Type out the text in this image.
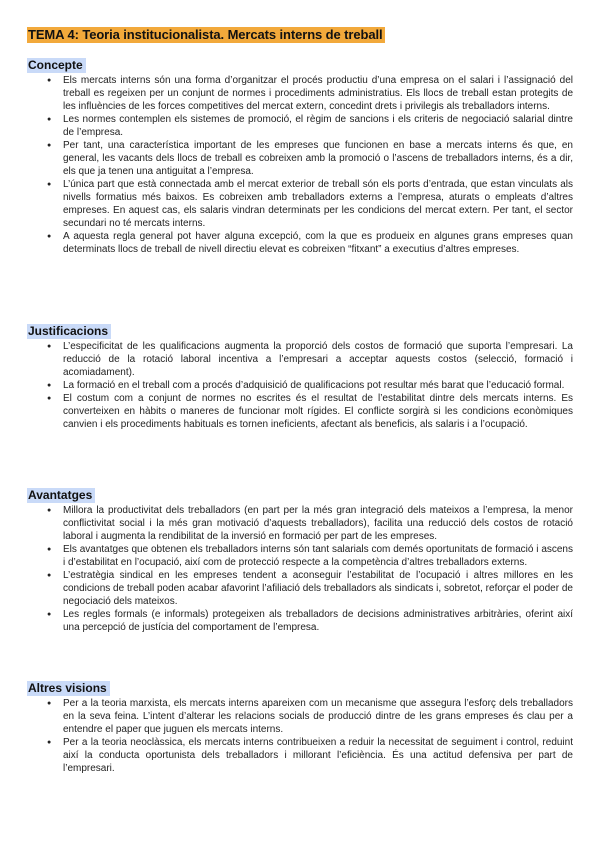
TEMA 4: Teoria institucionalista. Mercats interns de treball
Concepte
● Els mercats interns són una forma d’organitzar el procés productiu d’una empresa on el salari i l’assignació del treball es regeixen per un conjunt de normes i procediments administratius. Els llocs de treball estan protegits de les influències de les forces competitives del mercat extern, concedint drets i privilegis als treballadors interns.
● Les normes contemplen els sistemes de promoció, el règim de sancions i els criteris de negociació salarial dintre de l’empresa.
● Per tant, una característica important de les empreses que funcionen en base a mercats interns és que, en general, les vacants dels llocs de treball es cobreixen amb la promoció o l’ascens de treballadors interns, és a dir, els que ja tenen una antiguitat a l’empresa.
● L’única part que està connectada amb el mercat exterior de treball són els ports d’entrada, que estan vinculats als nivells formatius més baixos. Es cobreixen amb treballadors externs a l’empresa, aturats o empleats d’altres empreses. En aquest cas, els salaris vindran determinats per les condicions del mercat extern. Per tant, el sector secundari no té mercats interns.
● A aquesta regla general pot haver alguna excepció, com la que es produeix en algunes grans empreses quan determinats llocs de treball de nivell directiu elevat es cobreixen “fitxant” a executius d’altres empreses.
Justificacions
● L’especificitat de les qualificacions augmenta la proporció dels costos de formació que suporta l’empresari. La reducció de la rotació laboral incentiva a l’empresari a acceptar aquests costos (selecció, formació i acomiadament).
● La formació en el treball com a procés d’adquisició de qualificacions pot resultar més barat que l’educació formal.
● El costum com a conjunt de normes no escrites és el resultat de l’estabilitat dintre dels mercats interns. Es converteixen en hàbits o maneres de funcionar molt rígides. El conflicte sorgirà si les condicions econòmiques canvien i els procediments habituals es tornen ineficients, afectant als beneficis, als salaris i a l’ocupació.
Avantatges
● Millora la productivitat dels treballadors (en part per la més gran integració dels mateixos a l’empresa, la menor conflictivitat social i la més gran motivació d’aquests treballadors), facilita una reducció dels costos de rotació laboral i augmenta la rendibilitat de la inversió en formació per part de les empreses.
● Els avantatges que obtenen els treballadors interns són tant salarials com demés oportunitats de formació i ascens i d’estabilitat en l’ocupació, així com de protecció respecte a la competència d’altres treballadors externs.
● L’estratègia sindical en les empreses tendent a aconseguir l’estabilitat de l’ocupació i altres millores en les condicions de treball poden acabar afavorint l’afiliació dels treballadors als sindicats i, sobretot, reforçar el poder de negociació dels mateixos.
● Les regles formals (e informals) protegeixen als treballadors de decisions administratives arbitràries, oferint així una percepció de justícia del comportament de l’empresa.
Altres visions
● Per a la teoria marxista, els mercats interns apareixen com un mecanisme que assegura l’esforç dels treballadors en la seva feina. L’intent d’alterar les relacions socials de producció dintre de les grans empreses és clau per a entendre el paper que juguen els mercats interns.
● Per a la teoria neoclàssica, els mercats interns contribueixen a reduir la necessitat de seguiment i control, reduint així la conducta oportunista dels treballadors i millorant l’eficiència. És una actitud defensiva per part de l’empresari.
